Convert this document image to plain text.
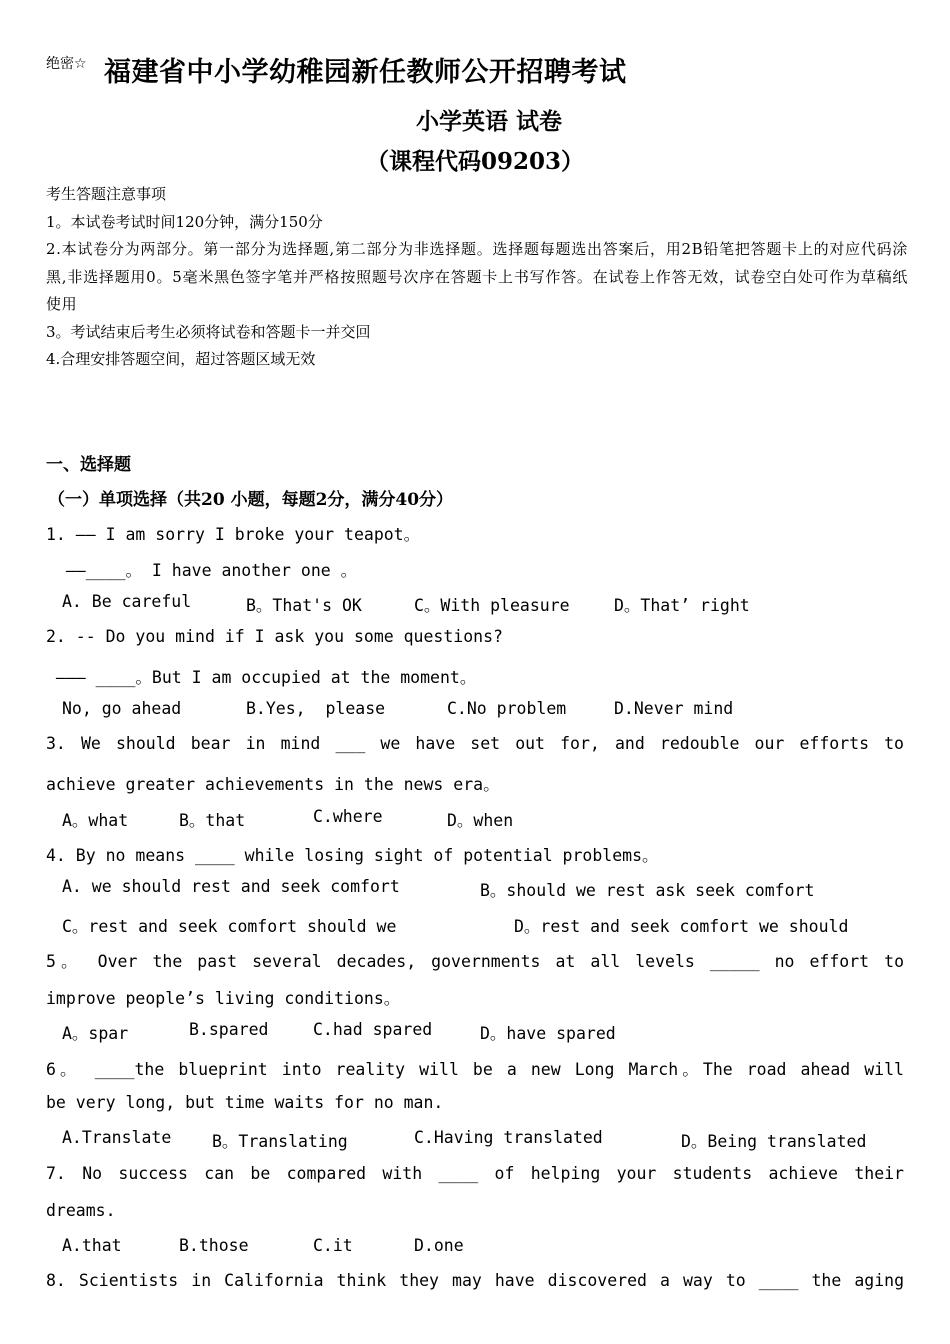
绝密☆ 福建省中小学幼稚园新任教师公开招聘考试
小学英语 试卷
（课程代码09203）
考生答题注意事项
1。本试卷考试时间120分钟，满分150分
2.本试卷分为两部分。第一部分为选择题,第二部分为非选择题。选择题每题选出答案后，用2B铅笔把答题卡上的对应代码涂黑,非选择题用0。5毫米黑色签字笔并严格按照题号次序在答题卡上书写作答。在试卷上作答无效，试卷空白处可作为草稿纸使用
3。考试结束后考生必须将试卷和答题卡一并交回
4.合理安排答题空间，超过答题区域无效
一、选择题
（一）单项选择（共20 小题，每题2分，满分40分）
1. —— I am sorry I broke your teapot。
——____。 I have another one 。
A. Be careful	B。That's OK	C。With pleasure	D。That’ right
2. -- Do you mind if I ask you some questions?
——— ____。But I am occupied at the moment。
No, go ahead	B.Yes,  please	C.No problem	D.Never mind
3. We should bear in mind ___ we have set out for, and redouble our efforts to
achieve greater achievements in the news era。
A。what	B。that	C.where	D。when
4. By no means ____ while losing sight of potential problems。
A. we should rest and seek comfort	B。should we rest ask seek comfort
C。rest and seek comfort should we	D。rest and seek comfort we should
5。 Over the past several decades, governments at all levels _____ no effort to
improve people’s living conditions。
A。spar	B.spared	C.had spared	D。have spared
6。 ____the blueprint into reality will be a new Long March。The road ahead will
be very long, but time waits for no man.
A.Translate B。Translating	C.Having translated	D。Being translated
7. No success can be compared with ____ of helping your students achieve their
dreams.
A.that	B.those	C.it	D.one
8. Scientists in California think they may have discovered a way to ____ the aging
